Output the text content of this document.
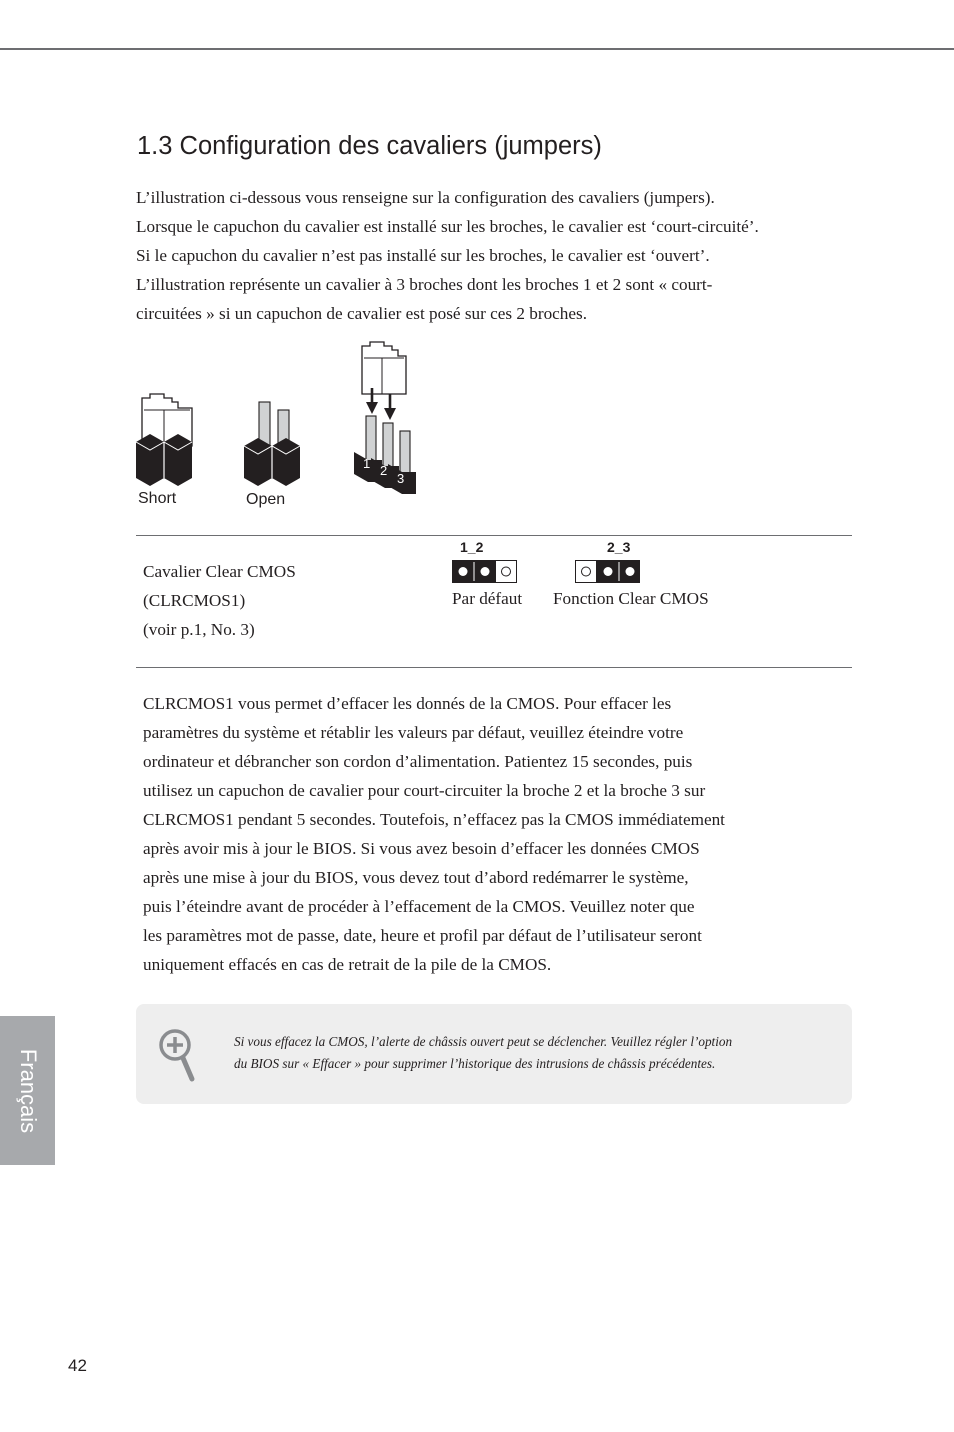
1.3 Configuration des cavaliers (jumpers)
L’illustration ci-dessous vous renseigne sur la configuration des cavaliers (jumpers).
Lorsque le capuchon du cavalier est installé sur les broches, le cavalier est ‘court-circuité’.
Si le capuchon du cavalier n’est pas installé sur les broches, le cavalier est ‘ouvert’.
L’illustration représente un cavalier à 3 broches dont les broches 1 et 2 sont « court-
circuitées » si un capuchon de cavalier est posé sur ces 2 broches.
1 2
3
Short	Open
Cavalier Clear CMOS
(CLRCMOS1)
(voir p.1, No. 3)
1_2
Par défaut
2_3
Fonction Clear CMOS
CLRCMOS1 vous permet d’effacer les donnés de la CMOS. Pour effacer les
paramètres du système et rétablir les valeurs par défaut, veuillez éteindre votre
ordinateur et débrancher son cordon d’alimentation. Patientez 15 secondes, puis
utilisez un capuchon de cavalier pour court-circuiter la broche 2 et la broche 3 sur
CLRCMOS1 pendant 5 secondes. Toutefois, n’effacez pas la CMOS immédiatement
après avoir mis à jour le BIOS. Si vous avez besoin d’effacer les données CMOS
après une mise à jour du BIOS, vous devez tout d’abord redémarrer le système,
puis l’éteindre avant de procéder à l’effacement de la CMOS. Veuillez noter que
les paramètres mot de passe, date, heure et profil par défaut de l’utilisateur seront
uniquement effacés en cas de retrait de la pile de la CMOS.
Si vous effacez la CMOS, l’alerte de châssis ouvert peut se déclencher. Veuillez régler l’option
du BIOS sur « Effacer » pour supprimer l’historique des intrusions de châssis précédentes.
Français
42
